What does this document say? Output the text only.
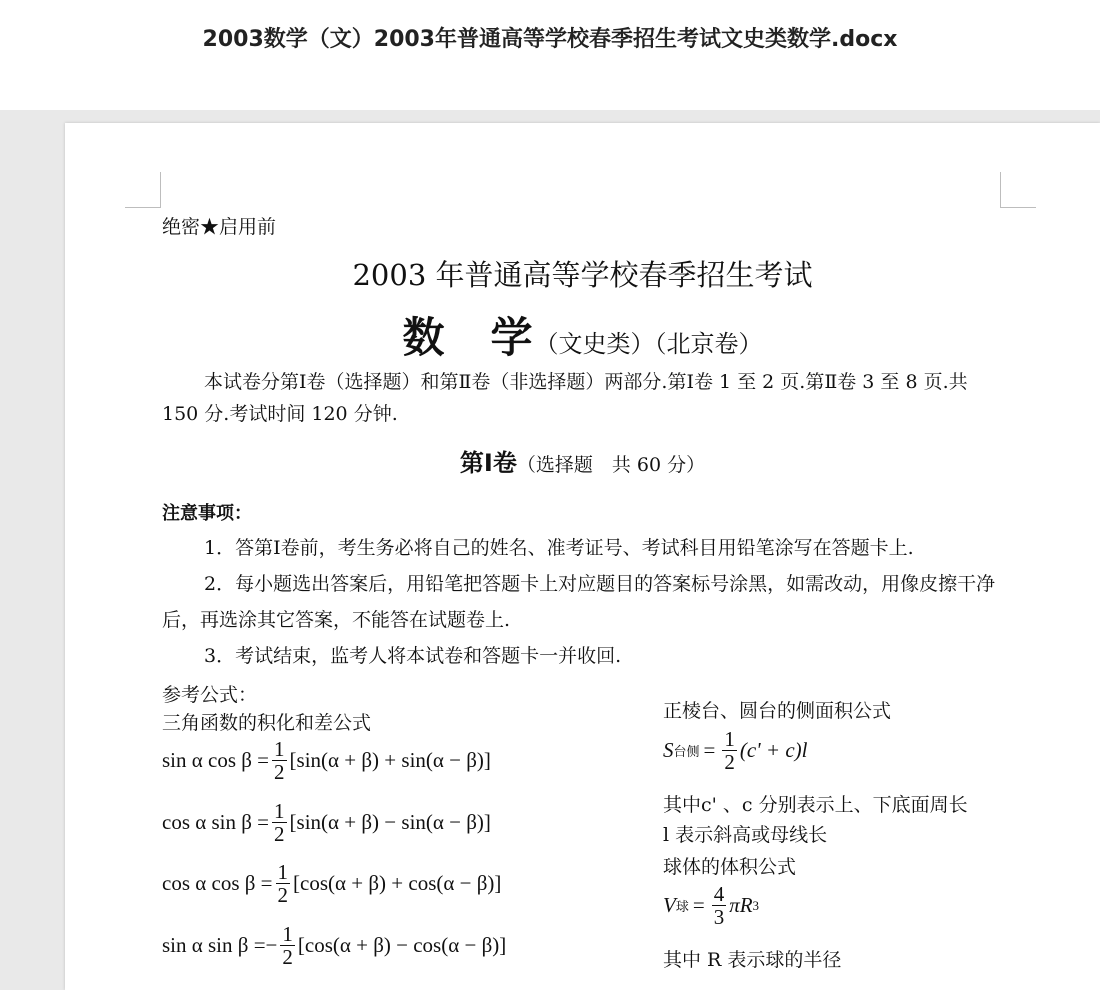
2003数学（文）2003年普通高等学校春季招生考试文史类数学.docx
绝密★启用前
2003 年普通高等学校春季招生考试
数　学（文史类）（北京卷）
本试卷分第Ⅰ卷（选择题）和第Ⅱ卷（非选择题）两部分.第Ⅰ卷 1 至 2 页.第Ⅱ卷 3 至 8 页.共 150 分.考试时间 120 分钟.
第Ⅰ卷（选择题　共 60 分）
注意事项：
1．答第Ⅰ卷前，考生务必将自己的姓名、准考证号、考试科目用铅笔涂写在答题卡上.
2．每小题选出答案后，用铅笔把答题卡上对应题目的答案标号涂黑，如需改动，用像皮擦干净后，再选涂其它答案，不能答在试题卷上.
3．考试结束，监考人将本试卷和答题卡一并收回.
参考公式：
三角函数的积化和差公式
正棱台、圆台的侧面积公式
sin α $\cos \beta = \frac{1}{2} [\sin(\alpha + \beta) + \sin(\alpha - \beta)]$
cos α $\sin \beta = \frac{1}{2} [\sin(\alpha + \beta) - \sin(\alpha - \beta)]$
cos α $\cos \beta = \frac{1}{2} [\cos(\alpha + \beta) + \cos(\alpha - \beta)]$
sin α sin β = − $\frac{1}{2} [\cos(\alpha + \beta) - \cos(\alpha - \beta)]$
S 台侧 = $\frac{1}{2} (c' + c)l$
其中c' 、c 分别表示上、下底面周长
l 表示斜高或母线长
球体的体积公式
V 球 = $\frac{4}{3}$ πR 3
其中 R 表示球的半径
